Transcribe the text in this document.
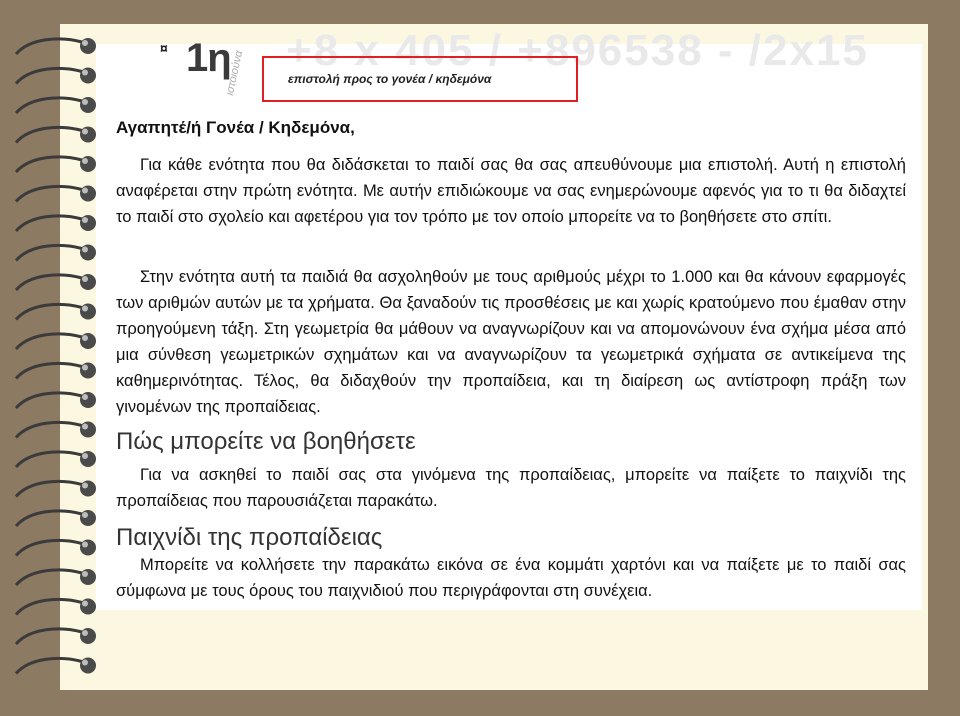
+8 x 405 / +896538 - /2x15
¤ 1η
ιστοιούνα	επιστολή προς το γονέα / κηδεμόνα
Αγαπητέ/ή Γονέα / Κηδεμόνα,

Για κάθε ενότητα που θα διδάσκεται το παιδί σας θα σας απευθύνουμε μια επιστολή. Αυτή η επιστολή αναφέρεται στην πρώτη ενότητα. Με αυτήν επιδιώκουμε να σας ενημερώνουμε αφενός για το τι θα διδαχτεί το παιδί στο σχολείο και αφετέρου για τον τρόπο με τον οποίο μπορείτε να το βοηθήσετε στο σπίτι.

Στην ενότητα αυτή τα παιδιά θα ασχοληθούν με τους αριθμούς μέχρι το 1.000 και θα κάνουν εφαρμογές των αριθμών αυτών με τα χρήματα. Θα ξαναδούν τις προσθέσεις με και χωρίς κρατούμενο που έμαθαν στην προηγούμενη τάξη. Στη γεωμετρία θα μάθουν να αναγνωρίζουν και να απομονώνουν ένα σχήμα μέσα από μια σύνθεση γεωμετρικών σχημάτων και να αναγνωρίζουν τα γεωμετρικά σχήματα σε αντικείμενα της καθημερινότητας. Τέλος, θα διδαχθούν την προπαίδεια, και τη διαίρεση ως αντίστροφη πράξη των γινομένων της προπαίδειας.

Πώς μπορείτε να βοηθήσετε

Για να ασκηθεί το παιδί σας στα γινόμενα της προπαίδειας, μπορείτε να παίξετε το παιχνίδι της προπαίδειας που παρουσιάζεται παρακάτω.

Παιχνίδι της προπαίδειας

Μπορείτε να κολλήσετε την παρακάτω εικόνα σε ένα κομμάτι χαρτόνι και να παίξετε με το παιδί σας σύμφωνα με τους όρους του παιχνιδιού που περιγράφονται στη συνέχεια.
